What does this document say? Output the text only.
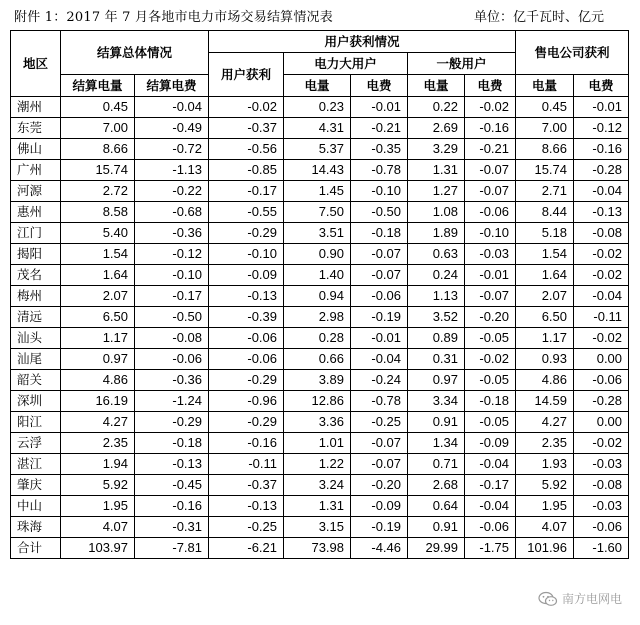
附件 1：2017 年 7 月各地市电力市场交易结算情况表	单位：亿千瓦时、亿元
地区	结算总体情况		用户获利情况					售电公司获利	
			用户获利	电力大用户		一般用户			
	结算电量	结算电费		电量	电费	电量	电费	电量	电费
潮州	0.45	-0.04	-0.02	0.23	-0.01	0.22	-0.02	0.45	-0.01
东莞	7.00	-0.49	-0.37	4.31	-0.21	2.69	-0.16	7.00	-0.12
佛山	8.66	-0.72	-0.56	5.37	-0.35	3.29	-0.21	8.66	-0.16
广州	15.74	-1.13	-0.85	14.43	-0.78	1.31	-0.07	15.74	-0.28
河源	2.72	-0.22	-0.17	1.45	-0.10	1.27	-0.07	2.71	-0.04
惠州	8.58	-0.68	-0.55	7.50	-0.50	1.08	-0.06	8.44	-0.13
江门	5.40	-0.36	-0.29	3.51	-0.18	1.89	-0.10	5.18	-0.08
揭阳	1.54	-0.12	-0.10	0.90	-0.07	0.63	-0.03	1.54	-0.02
茂名	1.64	-0.10	-0.09	1.40	-0.07	0.24	-0.01	1.64	-0.02
梅州	2.07	-0.17	-0.13	0.94	-0.06	1.13	-0.07	2.07	-0.04
清远	6.50	-0.50	-0.39	2.98	-0.19	3.52	-0.20	6.50	-0.11
汕头	1.17	-0.08	-0.06	0.28	-0.01	0.89	-0.05	1.17	-0.02
汕尾	0.97	-0.06	-0.06	0.66	-0.04	0.31	-0.02	0.93	0.00
韶关	4.86	-0.36	-0.29	3.89	-0.24	0.97	-0.05	4.86	-0.06
深圳	16.19	-1.24	-0.96	12.86	-0.78	3.34	-0.18	14.59	-0.28
阳江	4.27	-0.29	-0.29	3.36	-0.25	0.91	-0.05	4.27	0.00
云浮	2.35	-0.18	-0.16	1.01	-0.07	1.34	-0.09	2.35	-0.02
湛江	1.94	-0.13	-0.11	1.22	-0.07	0.71	-0.04	1.93	-0.03
肇庆	5.92	-0.45	-0.37	3.24	-0.20	2.68	-0.17	5.92	-0.08
中山	1.95	-0.16	-0.13	1.31	-0.09	0.64	-0.04	1.95	-0.03
珠海	4.07	-0.31	-0.25	3.15	-0.19	0.91	-0.06	4.07	-0.06
合计	103.97	-7.81	-6.21	73.98	-4.46	29.99	-1.75	101.96	-1.60
南方电网电
